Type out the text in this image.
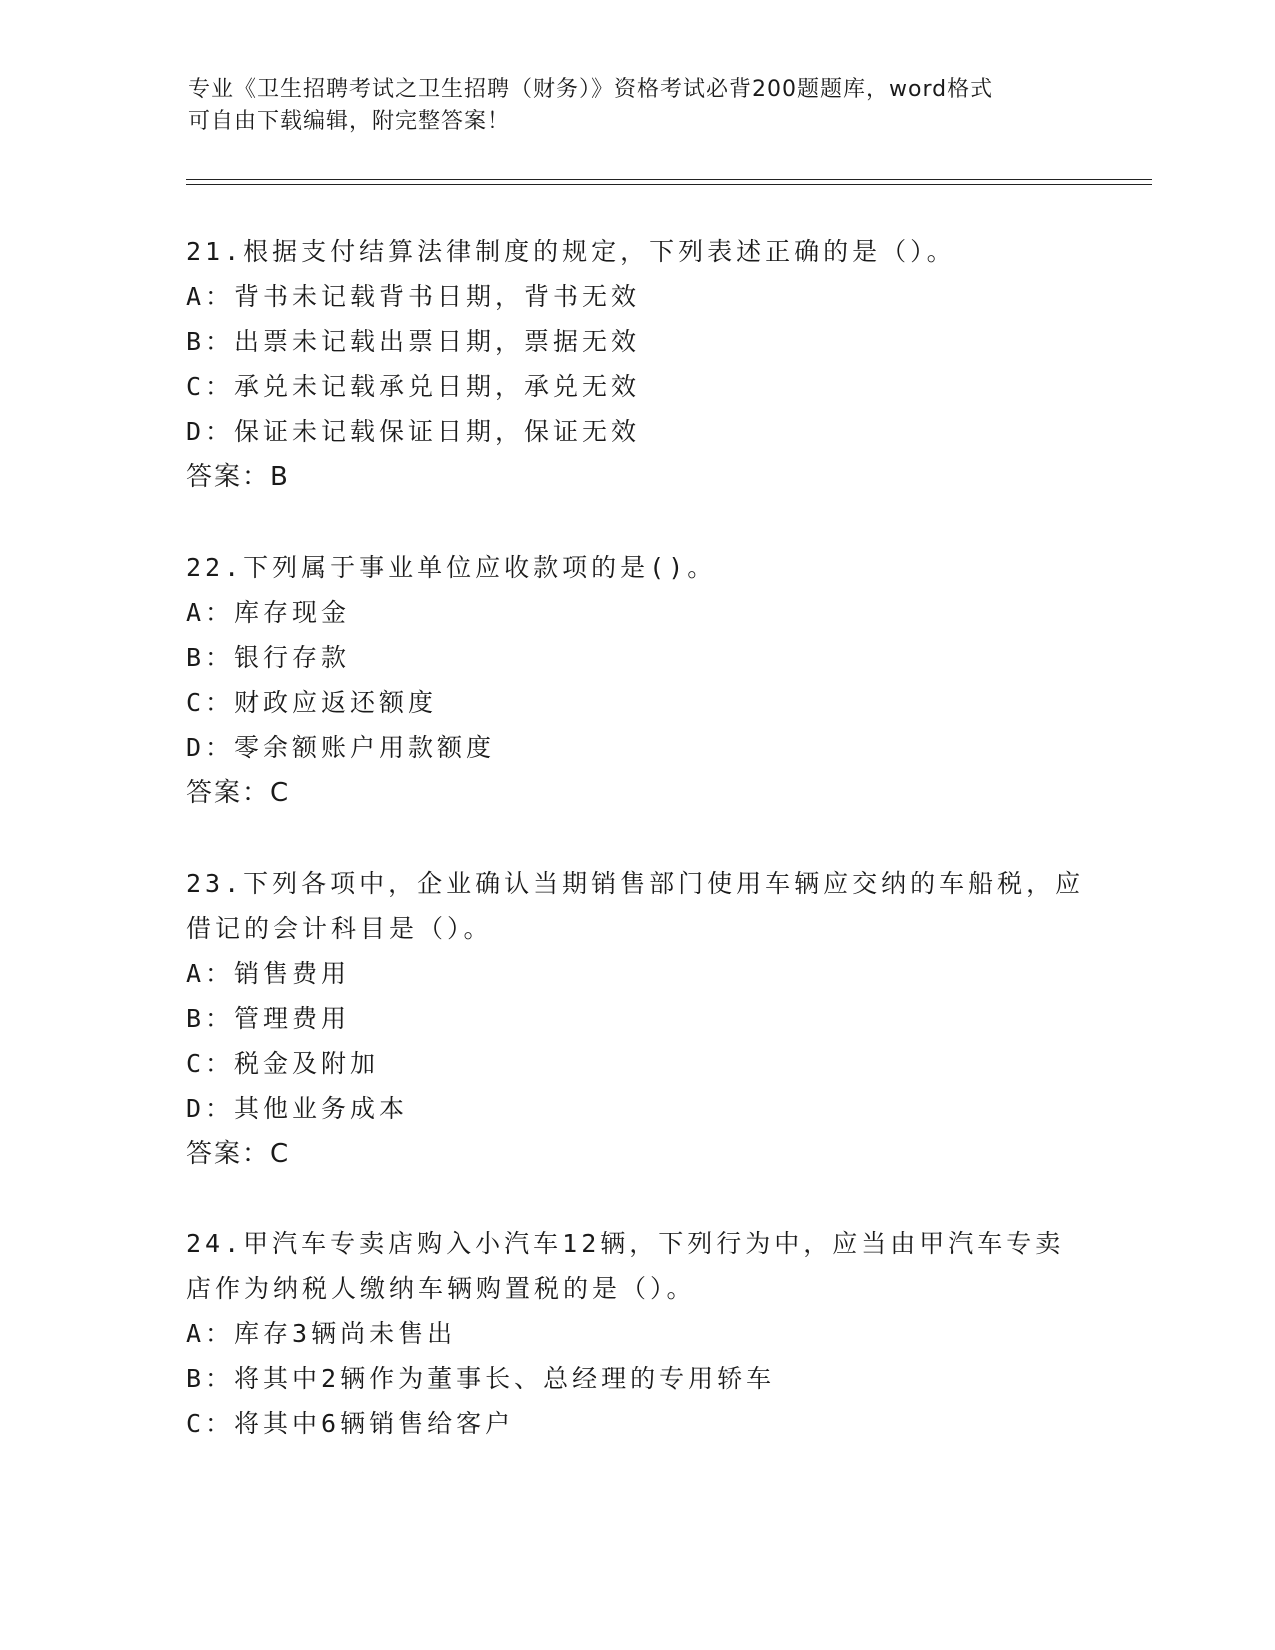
专业《卫生招聘考试之卫生招聘（财务）》资格考试必背200题题库，word格式
可自由下载编辑，附完整答案！
21.根据支付结算法律制度的规定，下列表述正确的是（）。
A：背书未记载背书日期，背书无效
B：出票未记载出票日期，票据无效
C：承兑未记载承兑日期，承兑无效
D：保证未记载保证日期，保证无效
答案：B
22.下列属于事业单位应收款项的是()。
A：库存现金
B：银行存款
C：财政应返还额度
D：零余额账户用款额度
答案：C
23.下列各项中，企业确认当期销售部门使用车辆应交纳的车船税，应
借记的会计科目是（）。
A：销售费用
B：管理费用
C：税金及附加
D：其他业务成本
答案：C
24.甲汽车专卖店购入小汽车12辆，下列行为中，应当由甲汽车专卖
店作为纳税人缴纳车辆购置税的是（）。
A：库存3辆尚未售出
B：将其中2辆作为董事长、总经理的专用轿车
C：将其中6辆销售给客户
